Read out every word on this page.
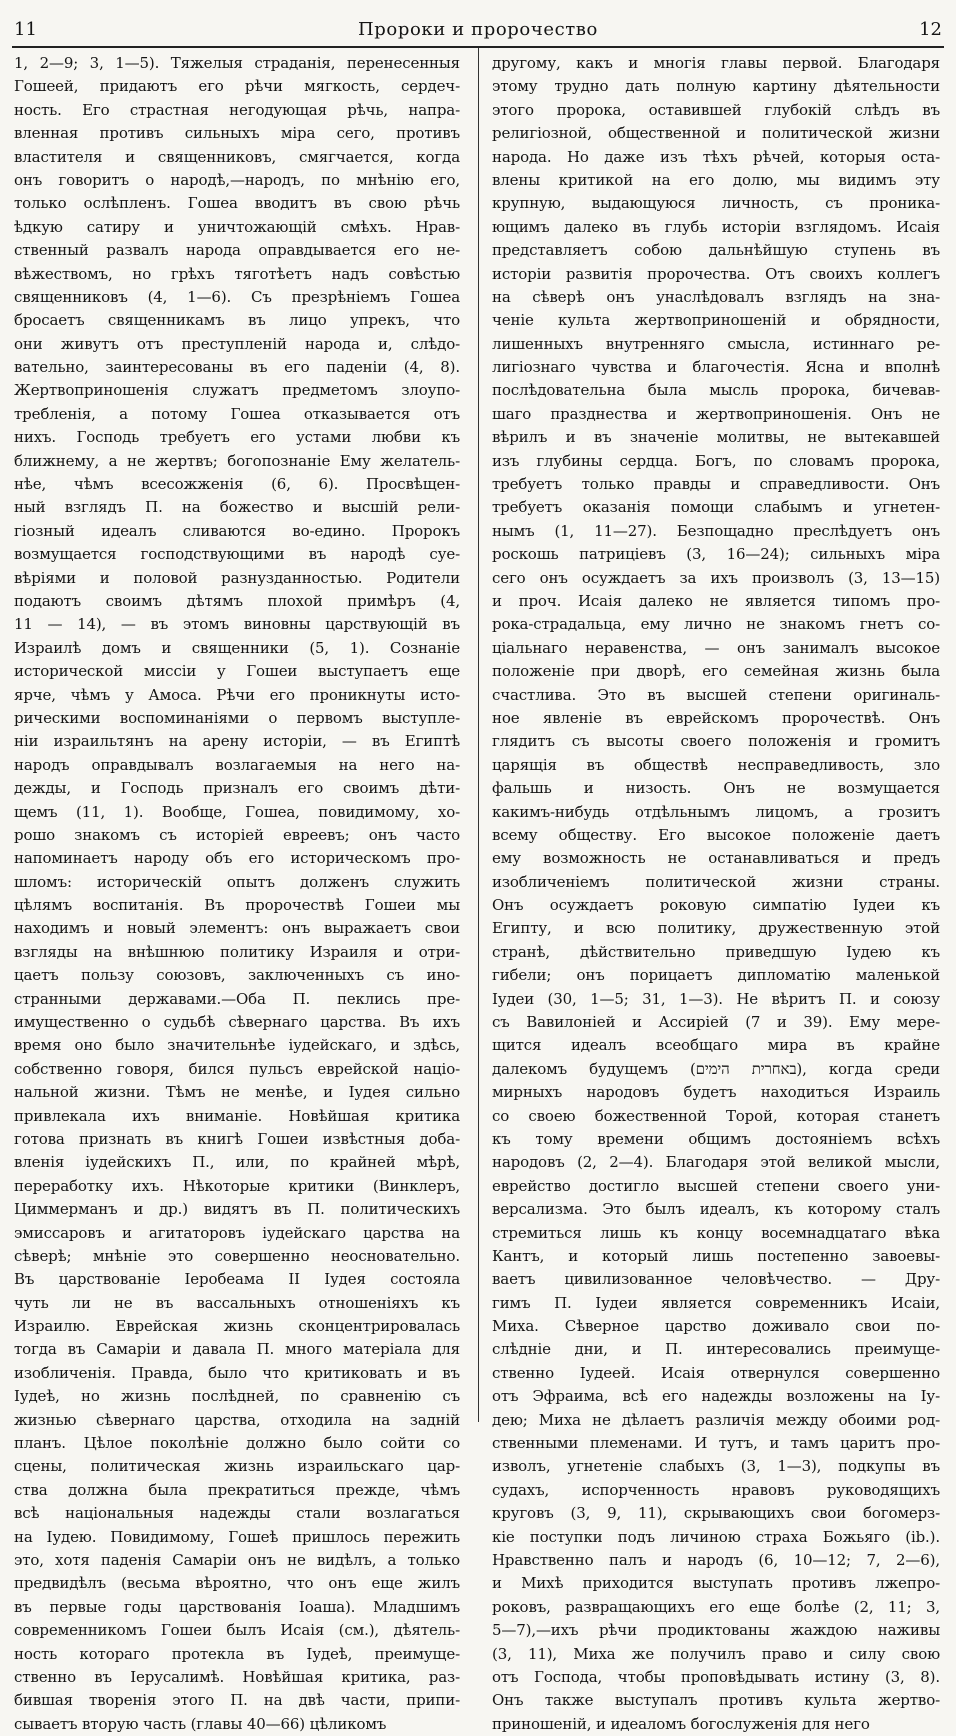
11	Пророки и пророчество	12
1, 2—9; 3, 1—5). Тяжелыя страданія, перенесенныя
Гошеей, придаютъ его рѣчи мягкость, сердеч-
ность. Его страстная негодующая рѣчь, напра-
вленная противъ сильныхъ міра сего, противъ
властителя и священниковъ, смягчается, когда
онъ говоритъ о народѣ,—народъ, по мнѣнію его,
только ослѣпленъ. Гошеа вводитъ въ свою рѣчь
ѣдкую сатиру и уничтожающій смѣхъ. Нрав-
ственный развалъ народа оправдывается его не-
вѣжествомъ, но грѣхъ тяготѣетъ надъ совѣстью
священниковъ (4, 1—6). Съ презрѣніемъ Гошеа
бросаетъ священникамъ въ лицо упрекъ, что
они живутъ отъ преступленій народа и, слѣдо-
вательно, заинтересованы въ его паденіи (4, 8).
Жертвоприношенія служатъ предметомъ злоупо-
требленія, а потому Гошеа отказывается отъ
нихъ. Господь требуетъ его устами любви къ
ближнему, а не жертвъ; богопознаніе Ему желатель-
нѣе, чѣмъ всесожженія (6, 6). Просвѣщен-
ный взглядъ П. на божество и высшій рели-
гіозный идеалъ сливаются во-едино. Пророкъ
возмущается господствующими въ народѣ суе-
вѣріями и половой разнузданностью. Родители
подаютъ своимъ дѣтямъ плохой примѣръ (4,
11 — 14), — въ этомъ виновны царствующій въ
Израилѣ домъ и священники (5, 1). Сознаніе
исторической миссіи у Гошеи выступаетъ еще
ярче, чѣмъ у Амоса. Рѣчи его проникнуты исто-
рическими воспоминаніями о первомъ выступле-
ніи израильтянъ на арену исторіи, — въ Египтѣ
народъ оправдывалъ возлагаемыя на него на-
дежды, и Господь призналъ его своимъ дѣти-
щемъ (11, 1). Вообще, Гошеа, повидимому, хо-
рошо знакомъ съ исторіей евреевъ; онъ часто
напоминаетъ народу объ его историческомъ про-
шломъ: историческій опытъ долженъ служить
цѣлямъ воспитанія. Въ пророчествѣ Гошеи мы
находимъ и новый элементъ: онъ выражаетъ свои
взгляды на внѣшнюю политику Израиля и отри-
цаетъ пользу союзовъ, заключенныхъ съ ино-
странными державами.—Оба П. пеклись пре-
имущественно о судьбѣ сѣвернаго царства. Въ ихъ
время оно было значительнѣе іудейскаго, и здѣсь,
собственно говоря, бился пульсъ еврейской націо-
нальной жизни. Тѣмъ не менѣе, и Іудея сильно
привлекала ихъ вниманіе. Новѣйшая критика
готова признать въ книгѣ Гошеи извѣстныя доба-
вленія іудейскихъ П., или, по крайней мѣрѣ,
переработку ихъ. Нѣкоторые критики (Винклеръ,
Циммерманъ и др.) видятъ въ П. политическихъ
эмиссаровъ и агитаторовъ іудейскаго царства на
сѣверѣ; мнѣніе это совершенно неосновательно.
Въ царствованіе Іеробеама II Іудея состояла
чуть ли не въ вассальныхъ отношеніяхъ къ
Израилю. Еврейская жизнь сконцентрировалась
тогда въ Самаріи и давала П. много матеріала для
изобличенія. Правда, было что критиковать и въ
Іудеѣ, но жизнь послѣдней, по сравненію съ
жизнью сѣвернаго царства, отходила на задній
планъ. Цѣлое поколѣніе должно было сойти со
сцены, политическая жизнь израильскаго цар-
ства должна была прекратиться прежде, чѣмъ
всѣ національныя надежды стали возлагаться
на Іудею. Повидимому, Гошеѣ пришлось пережить
это, хотя паденія Самаріи онъ не видѣлъ, а только
предвидѣлъ (весьма вѣроятно, что онъ еще жилъ
въ первые годы царствованія Іоаша). Младшимъ
современникомъ Гошеи былъ Исаія (см.), дѣятель-
ность котораго протекла въ Іудеѣ, преимуще-
ственно въ Іерусалимѣ. Новѣйшая критика, раз-
бившая творенія этого П. на двѣ части, припи-
сываетъ вторую часть (главы 40—66) цѣликомъ
другому, какъ и многія главы первой. Благодаря
этому трудно дать полную картину дѣятельности
этого пророка, оставившей глубокій слѣдъ въ
религіозной, общественной и политической жизни
народа. Но даже изъ тѣхъ рѣчей, которыя оста-
влены критикой на его долю, мы видимъ эту
крупную, выдающуюся личность, съ проника-
ющимъ далеко въ глубь исторіи взглядомъ. Исаія
представляетъ собою дальнѣйшую ступень въ
исторіи развитія пророчества. Отъ своихъ коллегъ
на сѣверѣ онъ унаслѣдовалъ взглядъ на зна-
ченіе культа жертвоприношеній и обрядности,
лишенныхъ внутренняго смысла, истиннаго ре-
лигіознаго чувства и благочестія. Ясна и вполнѣ
послѣдовательна была мысль пророка, бичевав-
шаго празднества и жертвоприношенія. Онъ не
вѣрилъ и въ значеніе молитвы, не вытекавшей
изъ глубины сердца. Богъ, по словамъ пророка,
требуетъ только правды и справедливости. Онъ
требуетъ оказанія помощи слабымъ и угнетен-
нымъ (1, 11—27). Безпощадно преслѣдуетъ онъ
роскошь патриціевъ (3, 16—24); сильныхъ міра
сего онъ осуждаетъ за ихъ произволъ (3, 13—15)
и проч. Исаія далеко не является типомъ про-
рока-страдальца, ему лично не знакомъ гнетъ со-
ціальнаго неравенства, — онъ занималъ высокое
положеніе при дворѣ, его семейная жизнь была
счастлива. Это въ высшей степени оригиналь-
ное явленіе въ еврейскомъ пророчествѣ. Онъ
глядитъ съ высоты своего положенія и громитъ
царящія въ обществѣ несправедливость, зло
фальшь и низость. Онъ не возмущается
какимъ-нибудь отдѣльнымъ лицомъ, а грозитъ
всему обществу. Его высокое положеніе даетъ
ему возможность не останавливаться и предъ
изобличеніемъ политической жизни страны.
Онъ осуждаетъ роковую симпатію Іудеи къ
Египту, и всю политику, дружественную этой
странѣ, дѣйствительно приведшую Іудею къ
гибели; онъ порицаетъ дипломатію маленькой
Іудеи (30, 1—5; 31, 1—3). Не вѣритъ П. и союзу
съ Вавилоніей и Ассиріей (7 и 39). Ему мере-
щится идеалъ всеобщаго мира въ крайне
далекомъ будущемъ (באחרית הימים), когда среди
мирныхъ народовъ будетъ находиться Израиль
со своею божественной Торой, которая станетъ
къ тому времени общимъ достояніемъ всѣхъ
народовъ (2, 2—4). Благодаря этой великой мысли,
еврейство достигло высшей степени своего уни-
версализма. Это былъ идеалъ, къ которому сталъ
стремиться лишь къ концу восемнадцатаго вѣка
Кантъ, и который лишь постепенно завоевы-
ваетъ цивилизованное человѣчество. — Дру-
гимъ П. Іудеи является современникъ Исаіи,
Миха. Сѣверное царство доживало свои по-
слѣдніе дни, и П. интересовались преимуще-
ственно Іудеей. Исаія отвернулся совершенно
отъ Эфраима, всѣ его надежды возложены на Іу-
дею; Миха не дѣлаетъ различія между обоими род-
ственными племенами. И тутъ, и тамъ царитъ про-
изволъ, угнетеніе слабыхъ (3, 1—3), подкупы въ
судахъ, испорченность нравовъ руководящихъ
круговъ (3, 9, 11), скрывающихъ свои богомерз-
кіе поступки подъ личиною страха Божьяго (ib.).
Нравственно палъ и народъ (6, 10—12; 7, 2—6),
и Михѣ приходится выступать противъ лжепро-
роковъ, развращающихъ его еще болѣе (2, 11; 3,
5—7),—ихъ рѣчи продиктованы жаждою наживы
(3, 11), Миха же получилъ право и силу свою
отъ Господа, чтобы проповѣдывать истину (3, 8).
Онъ также выступалъ противъ культа жертво-
приношеній, и идеаломъ богослуженія для него
